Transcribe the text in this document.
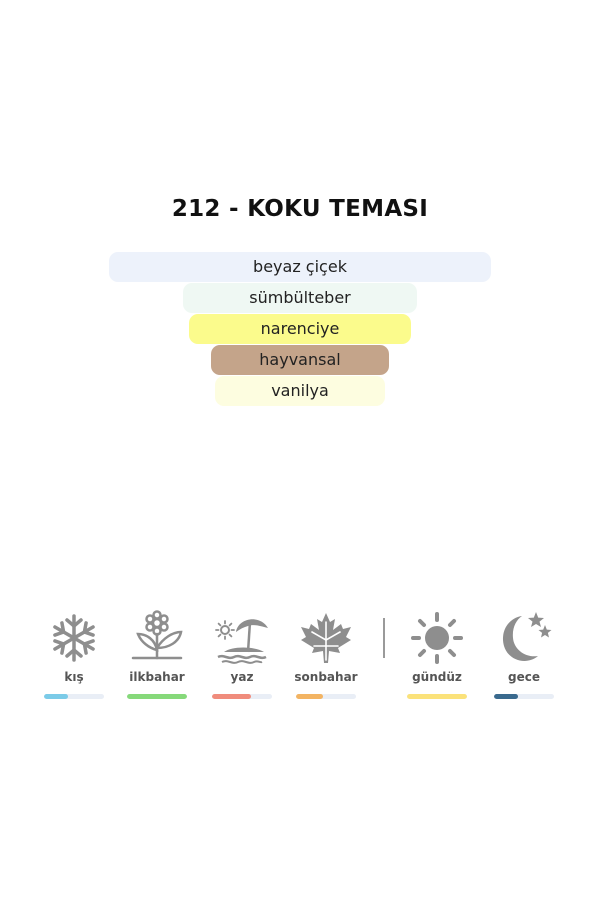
212 - KOKU TEMASI
beyaz çiçek
sümbülteber
narenciye
hayvansal
vanilya
kış	ilkbahar	yaz	sonbahar	gündüz	gece
